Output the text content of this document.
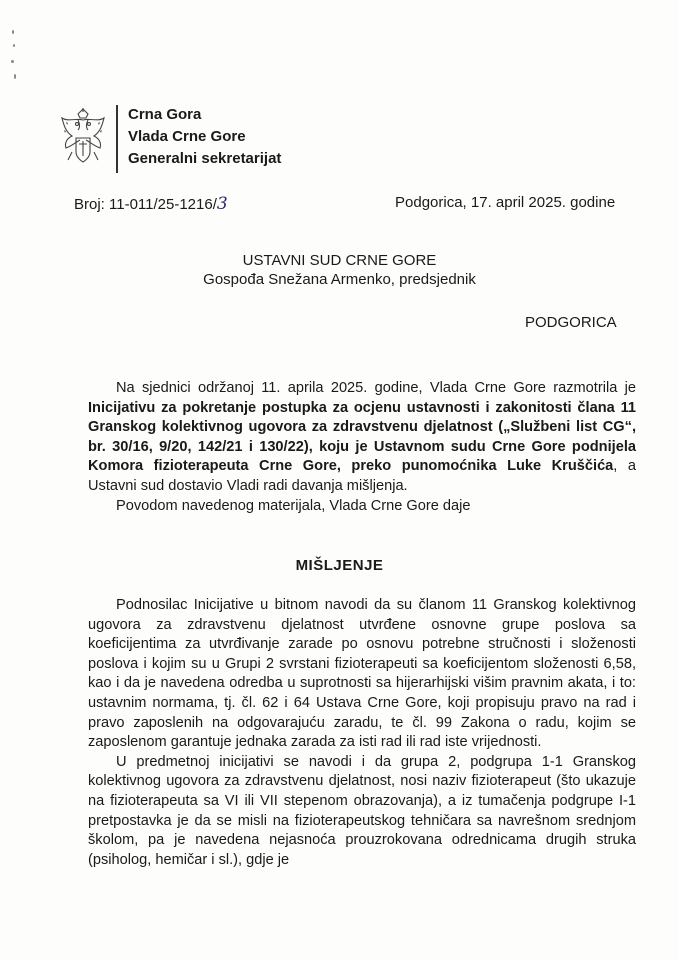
Crna Gora
Vlada Crne Gore
Generalni sekretarijat
Broj: 11-011/25-1216/3	Podgorica, 17. april 2025. godine
USTAVNI SUD CRNE GORE
Gospođa Snežana Armenko, predsjednik
PODGORICA

Na sjednici održanoj 11. aprila 2025. godine, Vlada Crne Gore razmotrila je Inicijativu za pokretanje postupka za ocjenu ustavnosti i zakonitosti člana 11 Granskog kolektivnog ugovora za zdravstvenu djelatnost („Službeni list CG“, br. 30/16, 9/20, 142/21 i 130/22), koju je Ustavnom sudu Crne Gore podnijela Komora fizioterapeuta Crne Gore, preko punomoćnika Luke Kruščića, a Ustavni sud dostavio Vladi radi davanja mišljenja.

Povodom navedenog materijala, Vlada Crne Gore daje

MIŠLJENJE

Podnosilac Inicijative u bitnom navodi da su članom 11 Granskog kolektivnog ugovora za zdravstvenu djelatnost utvrđene osnovne grupe poslova sa koeficijentima za utvrđivanje zarade po osnovu potrebne stručnosti i složenosti poslova i kojim su u Grupi 2 svrstani fizioterapeuti sa koeficijentom složenosti 6,58, kao i da je navedena odredba u suprotnosti sa hijerarhijski višim pravnim akata, i to: ustavnim normama, tj. čl. 62 i 64 Ustava Crne Gore, koji propisuju pravo na rad i pravo zaposlenih na odgovarajuću zaradu, te čl. 99 Zakona o radu, kojim se zaposlenom garantuje jednaka zarada za isti rad ili rad iste vrijednosti.

U predmetnoj inicijativi se navodi i da grupa 2, podgrupa 1-1 Granskog kolektivnog ugovora za zdravstvenu djelatnost, nosi naziv fizioterapeut (što ukazuje na fizioterapeuta sa VI ili VII stepenom obrazovanja), a iz tumačenja podgrupe I-1 pretpostavka je da se misli na fizioterapeutskog tehničara sa navrešnom srednjom školom, pa je navedena nejasnoća prouzrokovana odrednicama drugih struka (psiholog, hemičar i sl.), gdje je
